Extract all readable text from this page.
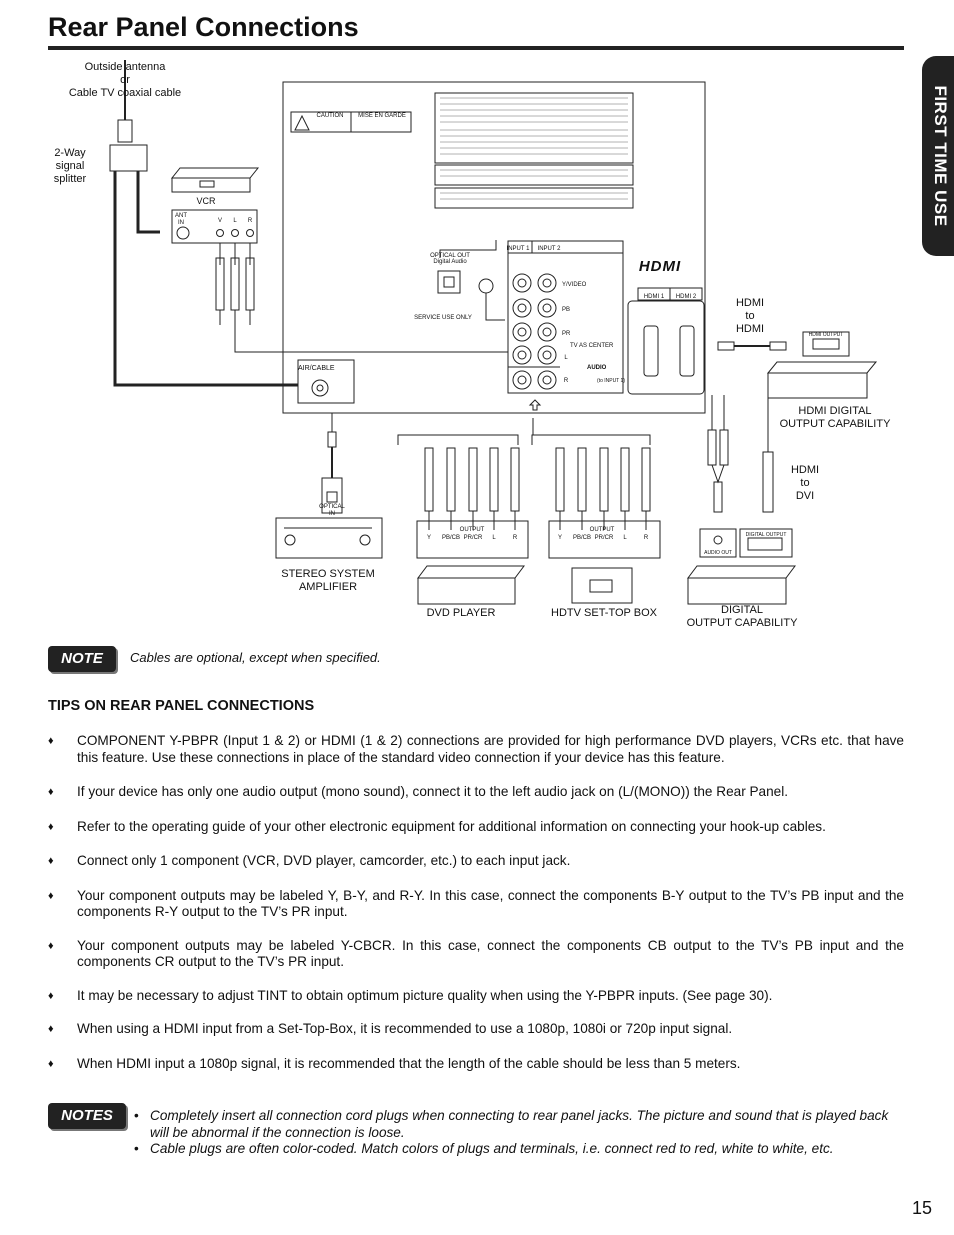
Rear Panel Connections
FIRST TIME USE
Outside antenna
or
Cable TV coaxial cable
2-Way
signal
splitter
VCR
ANT
IN	V	L	R
CAUTION	MISE EN GARDE
AIR/CABLE
OPTICAL OUT
Digital Audio
SERVICE USE ONLY
INPUT 1	INPUT 2
Y/VIDEO
PB
PR
TV AS CENTER
L
AUDIO
R	(to INPUT 1)
HDMI
HDMI 1	HDMI 2	HDMI
to
HDMI	HDMI OUTPUT
HDMI DIGITAL
OUTPUT CAPABILITY
HDMI
to
DVI
OPTICAL
IN
STEREO SYSTEM
AMPLIFIER
OUTPUT
Y	PB/CB PR/CR	L	R
OUTPUT
Y	PB/CB PR/CR	L	R
DVD PLAYER	HDTV SET-TOP BOX
AUDIO OUT
DIGITAL OUTPUT
DIGITAL
OUTPUT CAPABILITY
NOTE	Cables are optional, except when specified.
TIPS ON REAR PANEL CONNECTIONS
♦ COMPONENT Y-PBPR (Input 1 & 2) or HDMI (1 & 2) connections are provided for high performance DVD players, VCRs etc. that have this feature. Use these connections in place of the standard video connection if your device has this feature.
♦ If your device has only one audio output (mono sound), connect it to the left audio jack on (L/(MONO)) the Rear Panel.
♦ Refer to the operating guide of your other electronic equipment for additional information on connecting your hook-up cables.
♦ Connect only 1 component (VCR, DVD player, camcorder, etc.) to each input jack.
♦ Your component outputs may be labeled Y, B-Y, and R-Y. In this case, connect the components B-Y output to the TV’s PB input and the components R-Y output to the TV’s PR input.
♦ Your component outputs may be labeled Y-CBCR. In this case, connect the components CB output to the TV’s PB input and the components CR output to the TV’s PR input.
♦ It may be necessary to adjust TINT to obtain optimum picture quality when using the Y-PBPR inputs. (See page 30).
♦ When using a HDMI input from a Set-Top-Box, it is recommended to use a 1080p, 1080i or 720p input signal.
♦ When HDMI input a 1080p signal, it is recommended that the length of the cable should be less than 5 meters.
NOTES
•	Completely insert all connection cord plugs when connecting to rear panel jacks. The picture and sound that is played back will be abnormal if the connection is loose.
• Cable plugs are often color-coded. Match colors of plugs and terminals, i.e. connect red to red, white to white, etc.
15
